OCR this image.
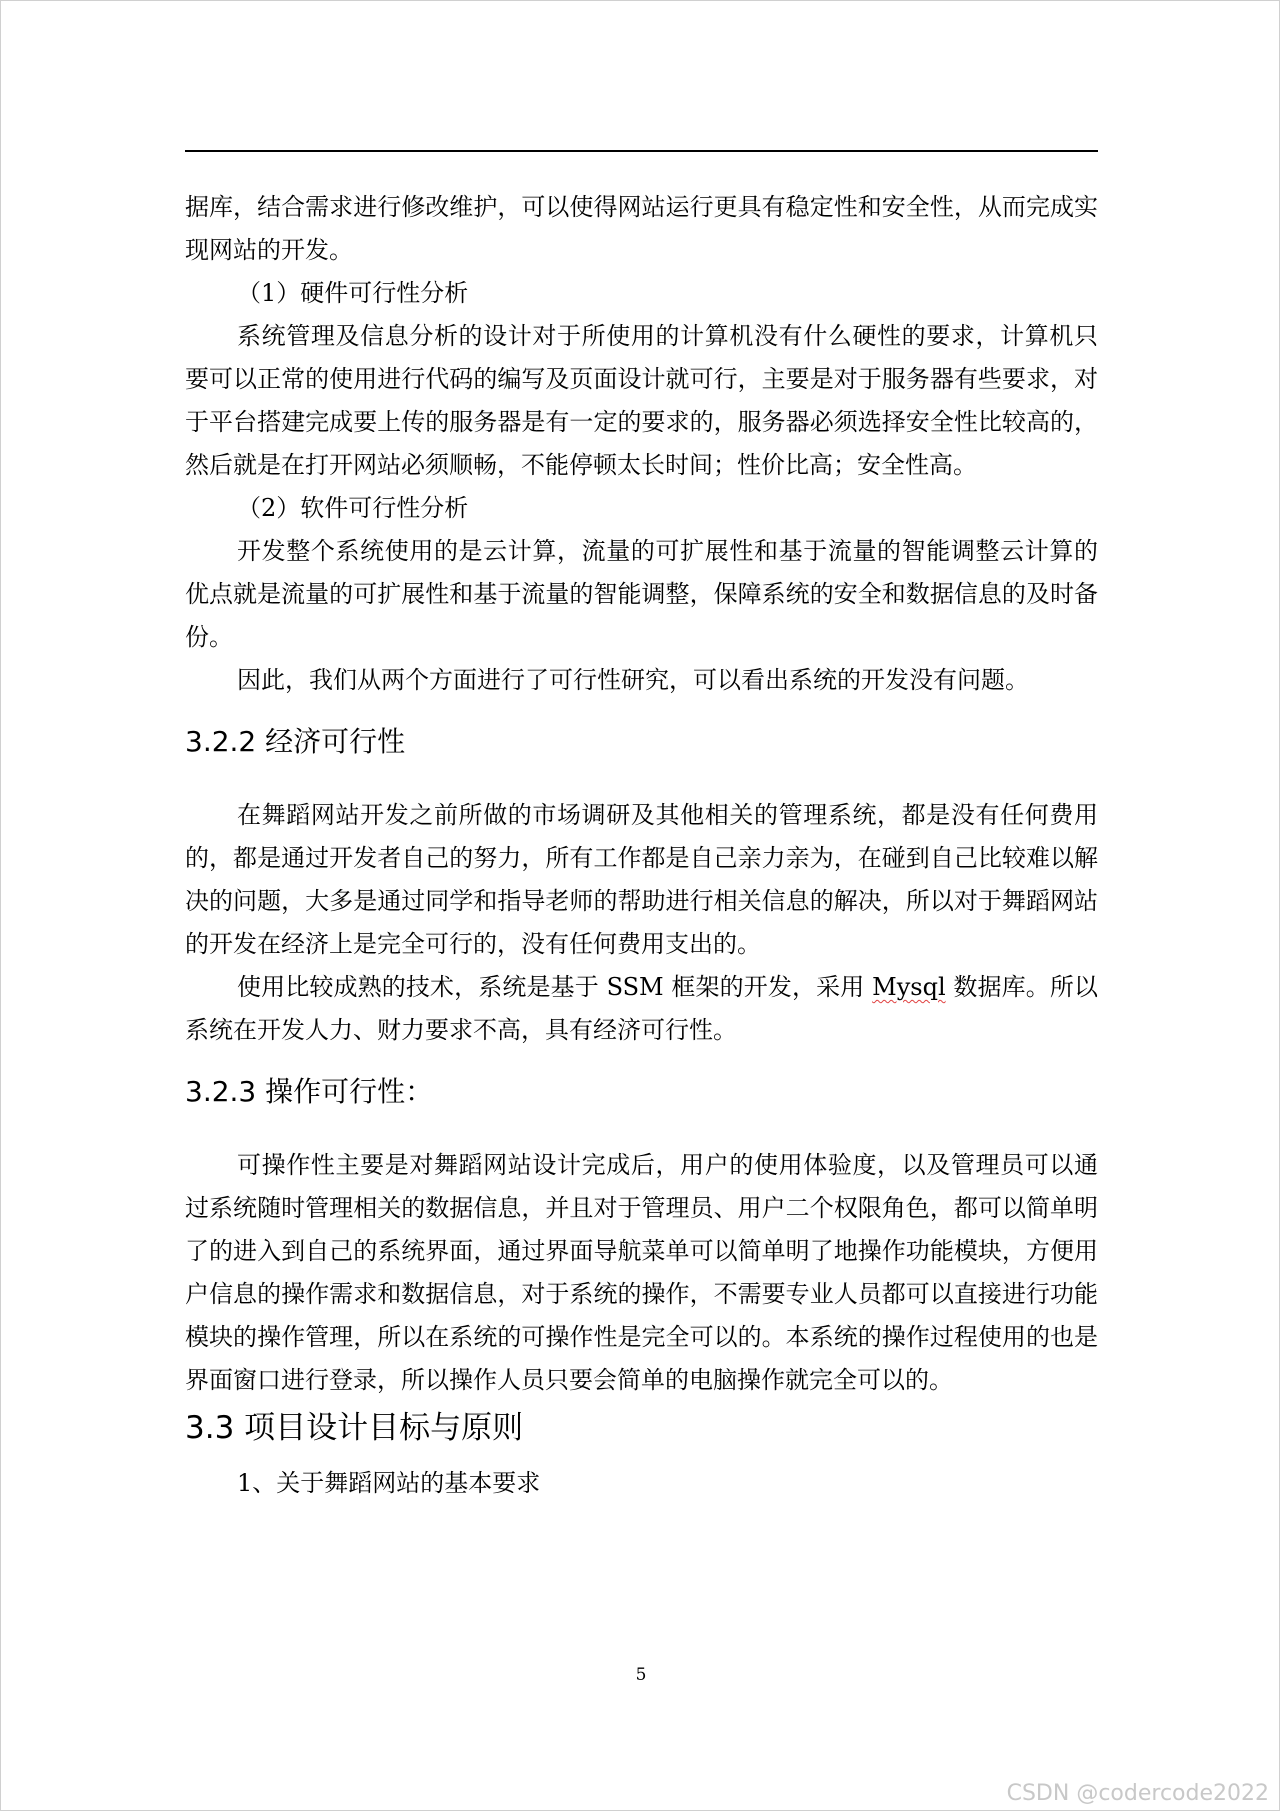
据库，结合需求进行修改维护，可以使得网站运行更具有稳定性和安全性，从而完成实现网站的开发。

（1）硬件可行性分析

系统管理及信息分析的设计对于所使用的计算机没有什么硬性的要求，计算机只要可以正常的使用进行代码的编写及页面设计就可行，主要是对于服务器有些要求，对于平台搭建完成要上传的服务器是有一定的要求的，服务器必须选择安全性比较高的，然后就是在打开网站必须顺畅，不能停顿太长时间；性价比高；安全性高。

（2）软件可行性分析

开发整个系统使用的是云计算，流量的可扩展性和基于流量的智能调整云计算的优点就是流量的可扩展性和基于流量的智能调整，保障系统的安全和数据信息的及时备份。

因此，我们从两个方面进行了可行性研究，可以看出系统的开发没有问题。

3.2.2 经济可行性

在舞蹈网站开发之前所做的市场调研及其他相关的管理系统，都是没有任何费用的，都是通过开发者自己的努力，所有工作都是自己亲力亲为，在碰到自己比较难以解决的问题，大多是通过同学和指导老师的帮助进行相关信息的解决，所以对于舞蹈网站的开发在经济上是完全可行的，没有任何费用支出的。

使用比较成熟的技术，系统是基于 SSM 框架的开发，采用 Mysql 数据库。所以系统在开发人力、财力要求不高，具有经济可行性。

3.2.3 操作可行性：

可操作性主要是对舞蹈网站设计完成后，用户的使用体验度，以及管理员可以通过系统随时管理相关的数据信息，并且对于管理员、用户二个权限角色，都可以简单明了的进入到自己的系统界面，通过界面导航菜单可以简单明了地操作功能模块，方便用户信息的操作需求和数据信息，对于系统的操作，不需要专业人员都可以直接进行功能模块的操作管理，所以在系统的可操作性是完全可以的。本系统的操作过程使用的也是界面窗口进行登录，所以操作人员只要会简单的电脑操作就完全可以的。

3.3 项目设计目标与原则

1、关于舞蹈网站的基本要求

5
CSDN @codercode2022
